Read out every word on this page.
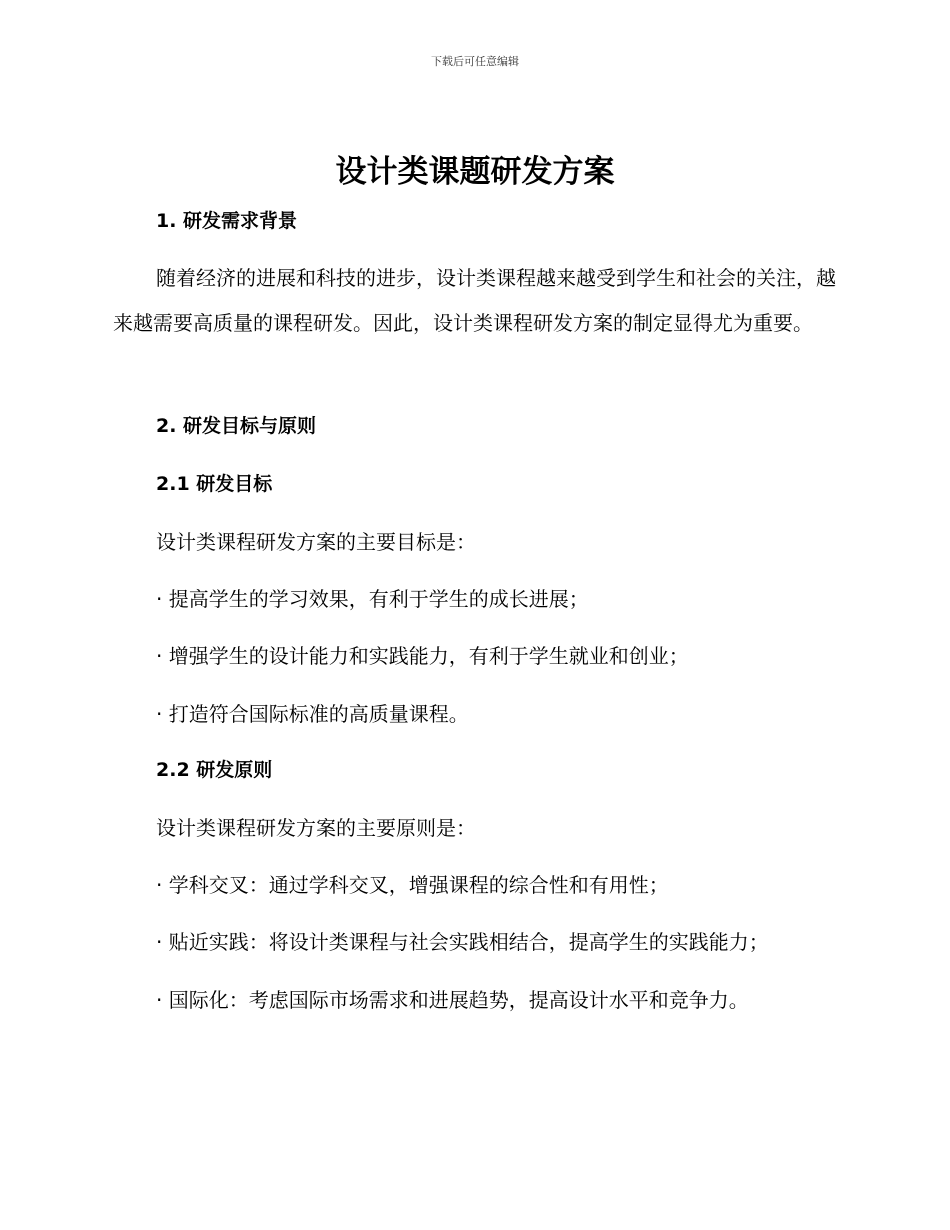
下载后可任意编辑
设计类课题研发方案
1. 研发需求背景

随着经济的进展和科技的进步，设计类课程越来越受到学生和社会的关注，越来越需要高质量的课程研发。因此，设计类课程研发方案的制定显得尤为重要。

2. 研发目标与原则
2.1 研发目标

设计类课程研发方案的主要目标是：

· 提高学生的学习效果，有利于学生的成长进展；

· 增强学生的设计能力和实践能力，有利于学生就业和创业；

· 打造符合国际标准的高质量课程。

2.2 研发原则

设计类课程研发方案的主要原则是：

· 学科交叉：通过学科交叉，增强课程的综合性和有用性；

· 贴近实践：将设计类课程与社会实践相结合，提高学生的实践能力；

· 国际化：考虑国际市场需求和进展趋势，提高设计水平和竞争力。
